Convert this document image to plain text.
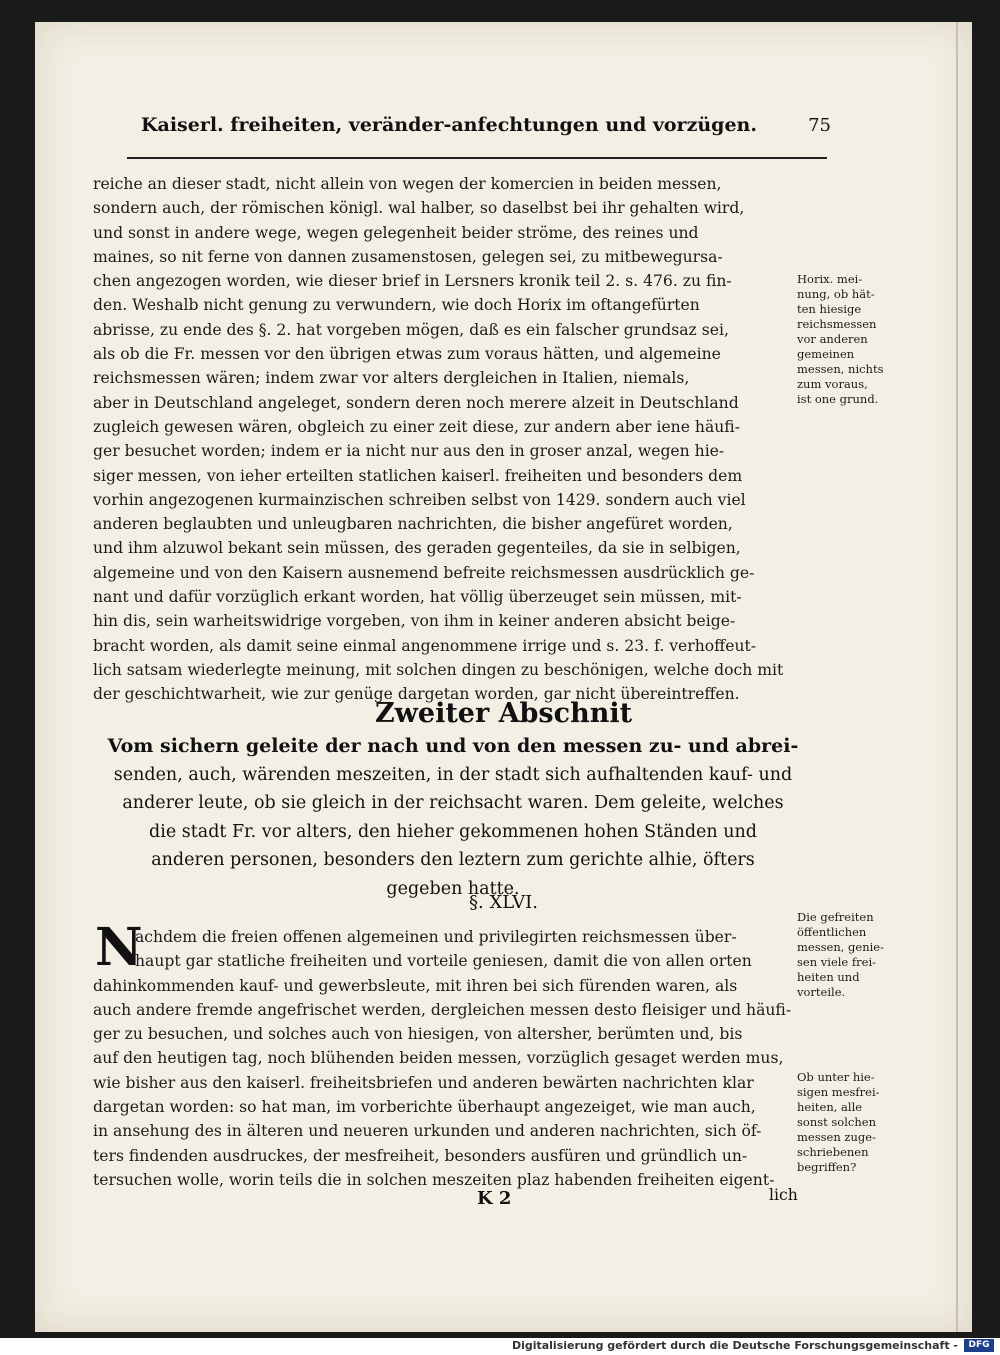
Kaiserl. freiheiten, veränder-anfechtungen und vorzügen.	75
reiche an dieser stadt, nicht allein von wegen der komercien in beiden messen,
sondern auch, der römischen königl. wal halber, so daselbst bei ihr gehalten wird,
und sonst in andere wege, wegen gelegenheit beider ströme, des reines und
maines, so nit ferne von dannen zusamenstosen, gelegen sei, zu mitbewegursa-
chen angezogen worden, wie dieser brief in Lersners kronik teil 2. s. 476. zu fin-
den. Weshalb nicht genung zu verwundern, wie doch Horix im oftangefürten
abrisse, zu ende des §. 2. hat vorgeben mögen, daß es ein falscher grundsaz sei,
als ob die Fr. messen vor den übrigen etwas zum voraus hätten, und algemeine
reichsmessen wären; indem zwar vor alters dergleichen in Italien, niemals,
aber in Deutschland angeleget, sondern deren noch merere alzeit in Deutschland
zugleich gewesen wären, obgleich zu einer zeit diese, zur andern aber iene häufi-
ger besuchet worden; indem er ia nicht nur aus den in groser anzal, wegen hie-
siger messen, von ieher erteilten statlichen kaiserl. freiheiten und besonders dem
vorhin angezogenen kurmainzischen schreiben selbst von 1429. sondern auch viel
anderen beglaubten und unleugbaren nachrichten, die bisher angefüret worden,
und ihm alzuwol bekant sein müssen, des geraden gegenteiles, da sie in selbigen,
algemeine und von den Kaisern ausnemend befreite reichsmessen ausdrücklich ge-
nant und dafür vorzüglich erkant worden, hat völlig überzeuget sein müssen, mit-
hin dis, sein warheitswidrige vorgeben, von ihm in keiner anderen absicht beige-
bracht worden, als damit seine einmal angenommene irrige und s. 23. f. verhoffeut-
lich satsam wiederlegte meinung, mit solchen dingen zu beschönigen, welche doch mit
der geschichtwarheit, wie zur genüge dargetan worden, gar nicht übereintreffen.
Horix. mei-
nung, ob hät-
ten hiesige
reichsmessen
vor anderen
gemeinen
messen, nichts
zum voraus,
ist one grund.
Zweiter Abschnit
Vom sichern geleite der nach und von den messen zu- und abrei-
senden, auch, wärenden meszeiten, in der stadt sich aufhaltenden kauf- und
anderer leute, ob sie gleich in der reichsacht waren. Dem geleite, welches
die stadt Fr. vor alters, den hieher gekommenen hohen Ständen und
anderen personen, besonders den leztern zum gerichte alhie, öfters
gegeben hatte.
§. XLVI.
N
achdem die freien offenen algemeinen und privilegirten reichsmessen über-
haupt gar statliche freiheiten und vorteile geniesen, damit die von allen orten
dahinkommenden kauf- und gewerbsleute, mit ihren bei sich fürenden waren, als
auch andere fremde angefrischet werden, dergleichen messen desto fleisiger und häufi-
ger zu besuchen, und solches auch von hiesigen, von altersher, berümten und, bis
auf den heutigen tag, noch blühenden beiden messen, vorzüglich gesaget werden mus,
wie bisher aus den kaiserl. freiheitsbriefen und anderen bewärten nachrichten klar
dargetan worden: so hat man, im vorberichte überhaupt angezeiget, wie man auch,
in ansehung des in älteren und neueren urkunden und anderen nachrichten, sich öf-
ters findenden ausdruckes, der mesfreiheit, besonders ausfüren und gründlich un-
tersuchen wolle, worin teils die in solchen meszeiten plaz habenden freiheiten eigent-
Die gefreiten
öffentlichen
messen, genie-
sen viele frei-
heiten und
vorteile.
Ob unter hie-
sigen mesfrei-
heiten, alle
sonst solchen
messen zuge-
schriebenen
begriffen?
K 2	lich
Digitalisierung gefördert durch die Deutsche Forschungsgemeinschaft -	DFG
